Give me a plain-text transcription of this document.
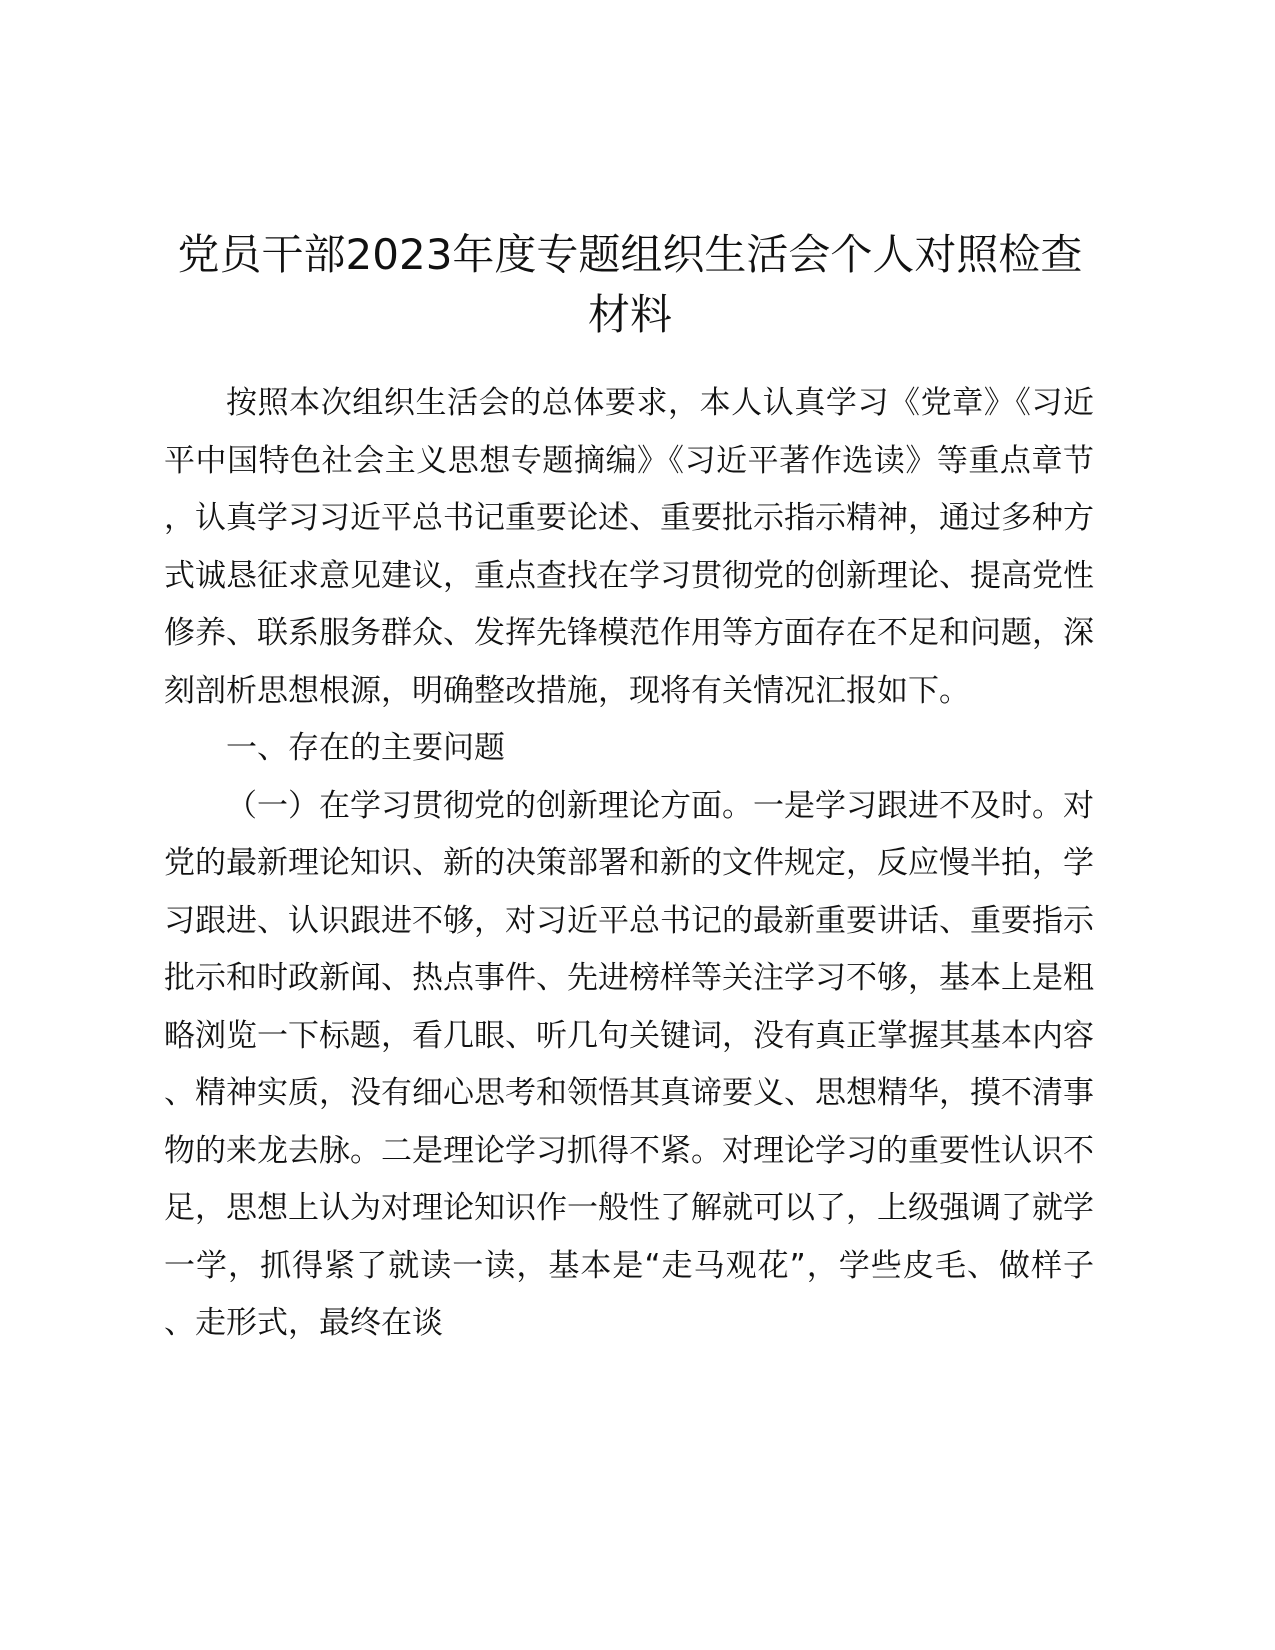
党员干部2023年度专题组织生活会个人对照检查材料

按照本次组织生活会的总体要求，本人认真学习《党章》《习近平中国特色社会主义思想专题摘编》《习近平著作选读》等重点章节，认真学习习近平总书记重要论述、重要批示指示精神，通过多种方式诚恳征求意见建议，重点查找在学习贯彻党的创新理论、提高党性修养、联系服务群众、发挥先锋模范作用等方面存在不足和问题，深刻剖析思想根源，明确整改措施，现将有关情况汇报如下。

一、存在的主要问题

（一）在学习贯彻党的创新理论方面。一是学习跟进不及时。对党的最新理论知识、新的决策部署和新的文件规定，反应慢半拍，学习跟进、认识跟进不够，对习近平总书记的最新重要讲话、重要指示批示和时政新闻、热点事件、先进榜样等关注学习不够，基本上是粗略浏览一下标题，看几眼、听几句关键词，没有真正掌握其基本内容、精神实质，没有细心思考和领悟其真谛要义、思想精华，摸不清事物的来龙去脉。二是理论学习抓得不紧。对理论学习的重要性认识不足，思想上认为对理论知识作一般性了解就可以了，上级强调了就学一学，抓得紧了就读一读，基本是“走马观花”，学些皮毛、做样子、走形式，最终在谈
